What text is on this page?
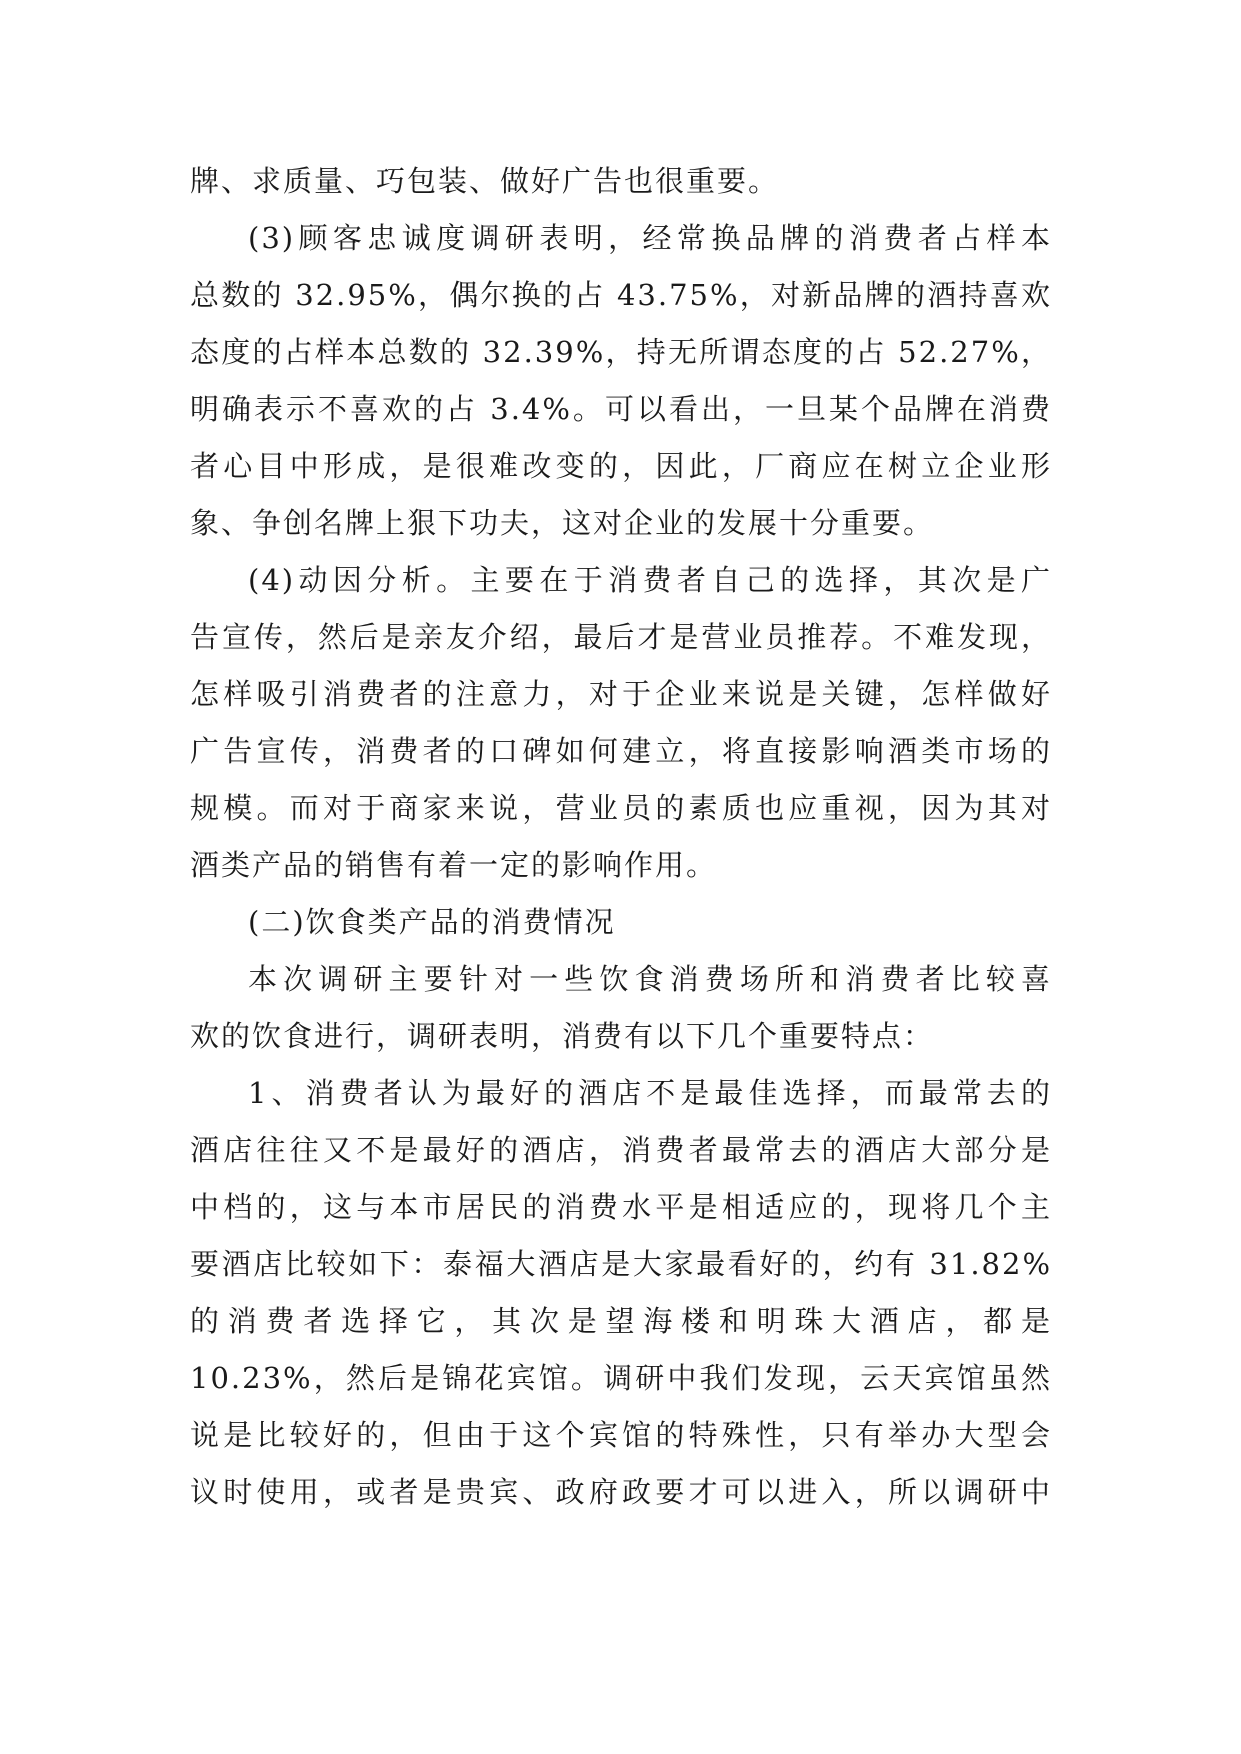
牌、求质量、巧包装、做好广告也很重要。
(3)顾客忠诚度调研表明，经常换品牌的消费者占样本
总数的 32.95%，偶尔换的占 43.75%，对新品牌的酒持喜欢
态度的占样本总数的 32.39%，持无所谓态度的占 52.27%，
明确表示不喜欢的占 3.4%。可以看出，一旦某个品牌在消费
者心目中形成，是很难改变的，因此，厂商应在树立企业形
象、争创名牌上狠下功夫，这对企业的发展十分重要。
(4)动因分析。主要在于消费者自己的选择，其次是广
告宣传，然后是亲友介绍，最后才是营业员推荐。不难发现，
怎样吸引消费者的注意力，对于企业来说是关键，怎样做好
广告宣传，消费者的口碑如何建立，将直接影响酒类市场的
规模。而对于商家来说，营业员的素质也应重视，因为其对
酒类产品的销售有着一定的影响作用。
(二)饮食类产品的消费情况
本次调研主要针对一些饮食消费场所和消费者比较喜
欢的饮食进行，调研表明，消费有以下几个重要特点：
1、消费者认为最好的酒店不是最佳选择，而最常去的
酒店往往又不是最好的酒店，消费者最常去的酒店大部分是
中档的，这与本市居民的消费水平是相适应的，现将几个主
要酒店比较如下：泰福大酒店是大家最看好的，约有 31.82%
的消费者选择它，其次是望海楼和明珠大酒店，都是
10.23%，然后是锦花宾馆。调研中我们发现，云天宾馆虽然
说是比较好的，但由于这个宾馆的特殊性，只有举办大型会
议时使用，或者是贵宾、政府政要才可以进入，所以调研中
